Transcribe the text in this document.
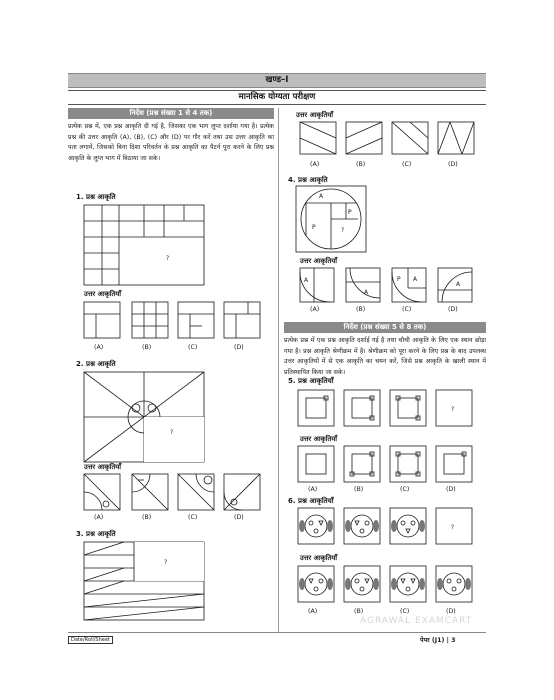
खण्ड–I
मानसिक योग्यता परीक्षण
निर्देश (प्रश्न संख्या 1 से 4 तक)
प्रत्येक प्रश्न में, एक प्रश्न आकृति दी गई है, जिसका एक भाग लुप्त दर्शाया गया है। प्रत्येक प्रश्न की उत्तर आकृति (A), (B), (C) और (D) पर गौर करें तथा उस उत्तर आकृति का पता लगायें, जिसको बिना दिशा परिवर्तन के प्रश्न आकृति का पैटर्न पूरा करने के लिए प्रश्न आकृति के लुप्त भाग में बिठाया जा सके।
1. प्रश्न आकृति
?
उत्तर आकृतियाँ
(A)	(B)	(C)	(D)
2. प्रश्न आकृति
?
उत्तर आकृतियाँ
(A)	(B)	(C)	(D)
3. प्रश्न आकृति
?
उत्तर आकृतियाँ
(A)	(B)	(C)	(D)
4. प्रश्न आकृति
A
P
P	?
उत्तर आकृतियाँ
A
A
P A
A
(A)	(B)	(C)	(D)
निर्देश (प्रश्न संख्या 5 से 8 तक)
प्रत्येक प्रश्न में एक प्रश्न आकृति दर्शाई गई है तथा चौथी आकृति के लिए एक स्थान छोड़ा गया है। प्रश्न आकृति श्रेणीक्रम में है। श्रेणीक्रम को पूरा करने के लिए प्रश्न के बाद उपलब्ध उत्तर आकृतियों में से एक आकृति का चयन करें, जिसे प्रश्न आकृति के खाली स्थान में प्रतिस्थापित किया जा सके।
5. प्रश्न आकृतियाँ
?
उत्तर आकृतियाँ
(A)	(B)	(C)	(D)
6. प्रश्न आकृतियाँ
?
उत्तर आकृतियाँ
(A)	(B)	(C)	(D)
AGRAWAL EXAMCART
Date/Roll/Sheet	पेपर (J1) | 3
